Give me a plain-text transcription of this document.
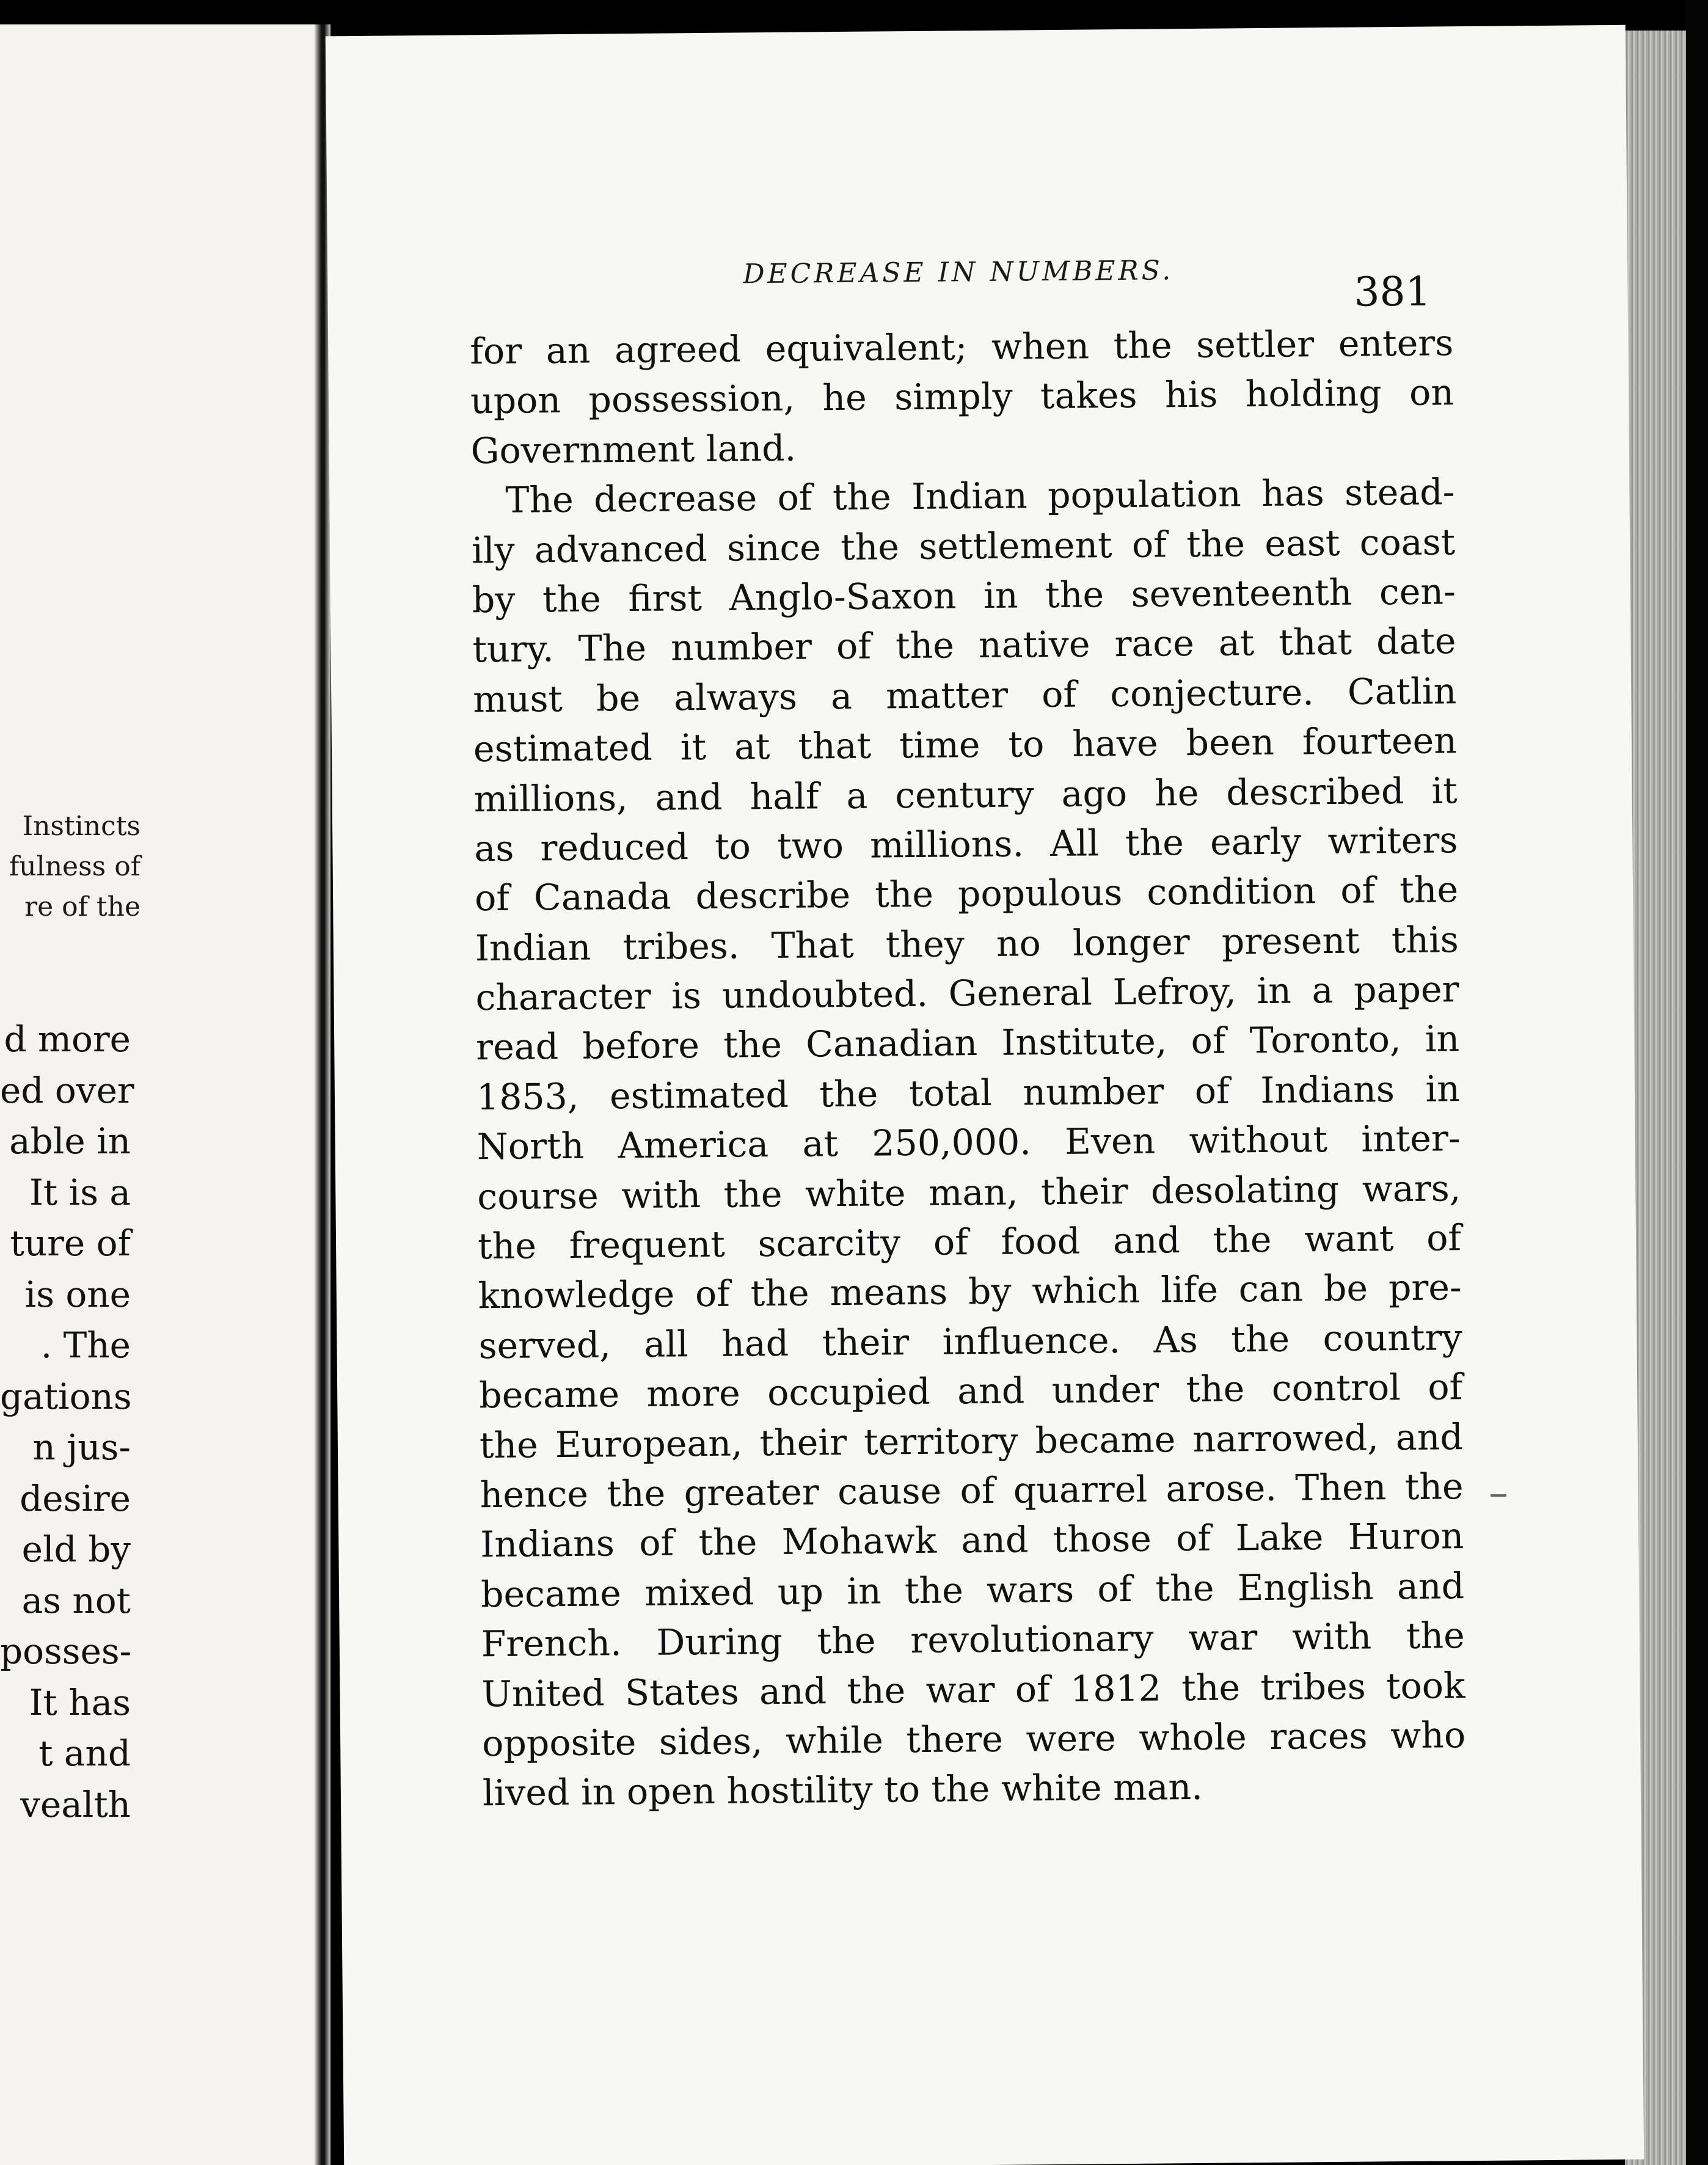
Instincts
fulness of
re of the
d more
ed over
able in
It is a
ture of
is one
. The
gations
n jus-
desire
eld by
as not
posses-
It has
t and
vealth
DECREASE IN NUMBERS.	381
for an agreed equivalent; when the settler enters
upon possession, he simply takes his holding on
Government land.
The decrease of the Indian population has stead-
ily advanced since the settlement of the east coast
by the first Anglo-Saxon in the seventeenth cen-
tury. The number of the native race at that date
must be always a matter of conjecture. Catlin
estimated it at that time to have been fourteen
millions, and half a century ago he described it
as reduced to two millions. All the early writers
of Canada describe the populous condition of the
Indian tribes. That they no longer present this
character is undoubted. General Lefroy, in a paper
read before the Canadian Institute, of Toronto, in
1853, estimated the total number of Indians in
North America at 250,000. Even without inter-
course with the white man, their desolating wars,
the frequent scarcity of food and the want of
knowledge of the means by which life can be pre-
served, all had their influence. As the country
became more occupied and under the control of
the European, their territory became narrowed, and
hence the greater cause of quarrel arose. Then the
Indians of the Mohawk and those of Lake Huron
became mixed up in the wars of the English and
French. During the revolutionary war with the
United States and the war of 1812 the tribes took
opposite sides, while there were whole races who
lived in open hostility to the white man.
